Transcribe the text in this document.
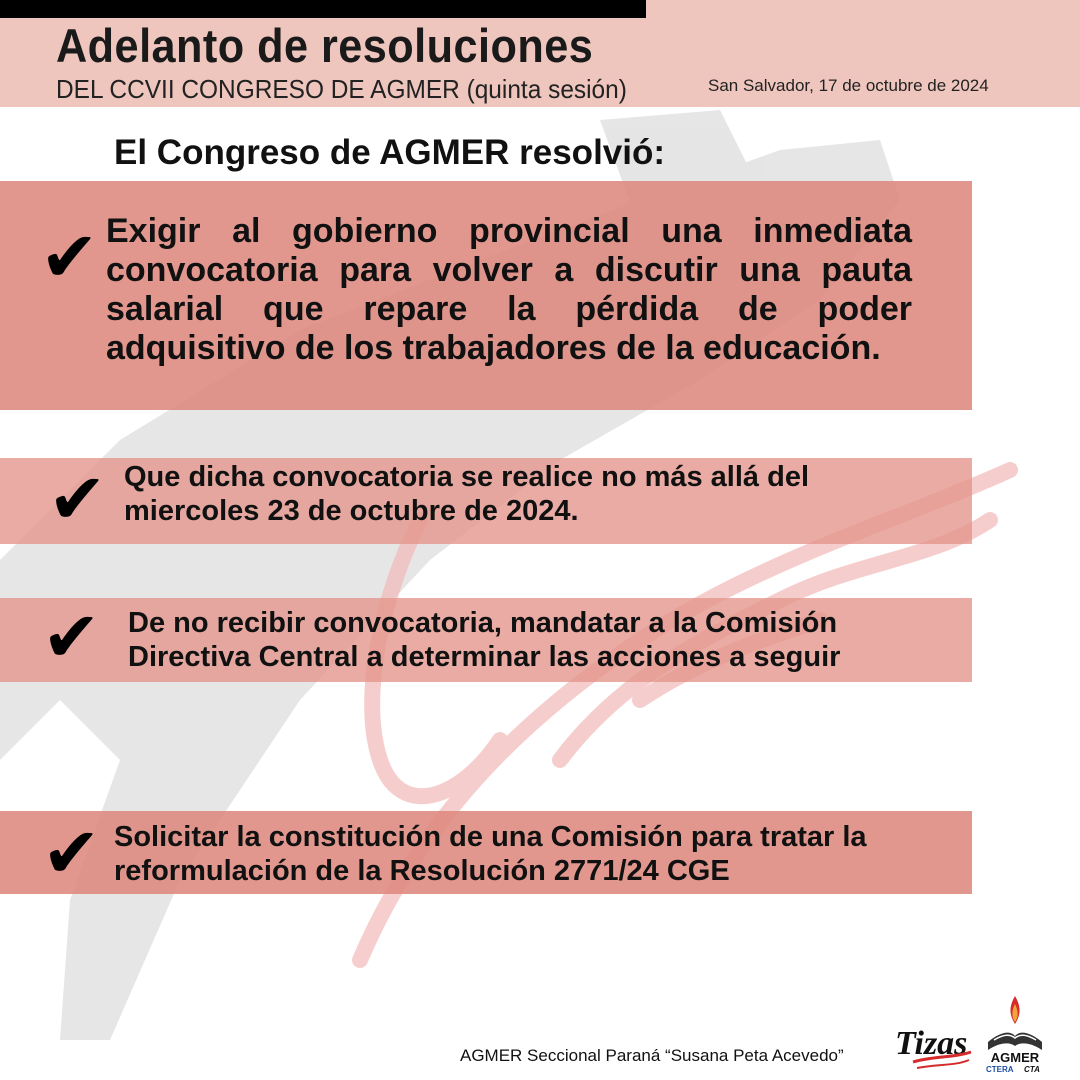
Adelanto de resoluciones
DEL CCVII CONGRESO DE AGMER (quinta sesión)	San Salvador, 17 de octubre de 2024
El Congreso de AGMER resolvió:
✔ Exigir al gobierno provincial una inmediata convocatoria para volver a discutir una pauta salarial que repare la pérdida de poder adquisitivo de los trabajadores de la educación.
✔ Que dicha convocatoria se realice no más allá del miercoles 23 de octubre de 2024.
✔ De no recibir convocatoria, mandatar a la Comisión Directiva Central a determinar las acciones a seguir
✔ Solicitar la constitución de una Comisión para tratar la reformulación de la Resolución 2771/24 CGE
AGMER Seccional Paraná “Susana Peta Acevedo” Tizas AGMER
CTERA CTA
